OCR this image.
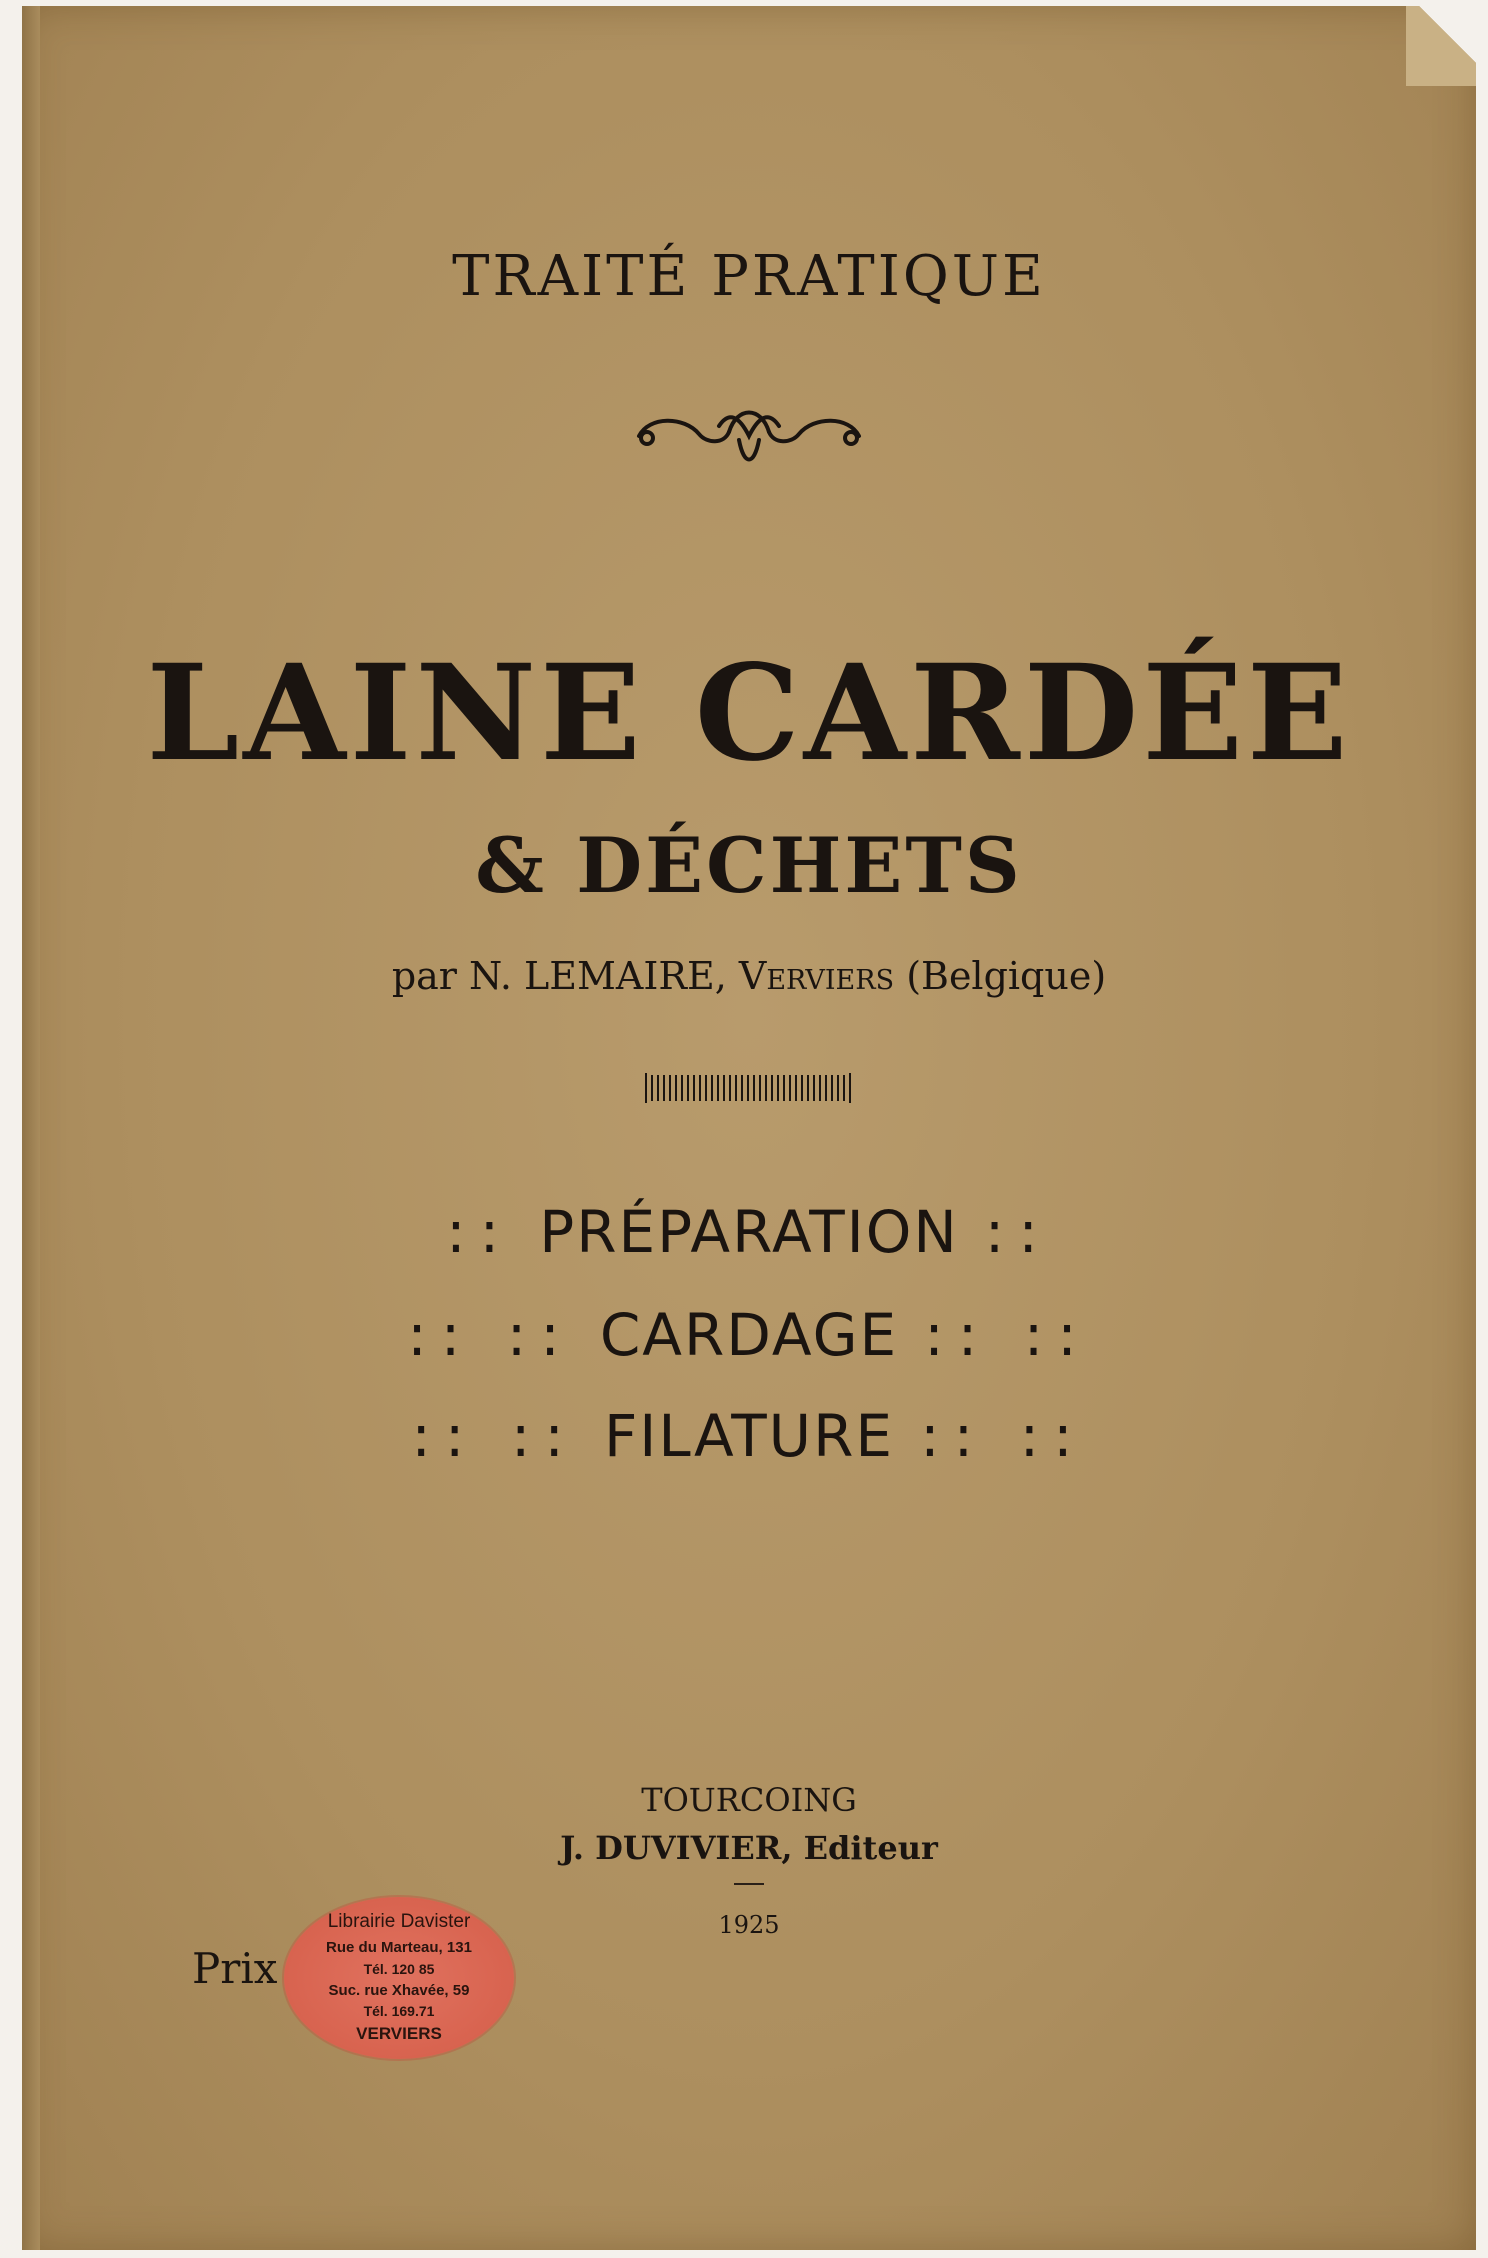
TRAITÉ PRATIQUE
LAINE CARDÉE
& DÉCHETS
par N. LEMAIRE, Verviers (Belgique)
:: PRÉPARATION ::
:: :: CARDAGE :: ::
:: :: FILATURE :: ::
TOURCOING
J. DUVIVIER, Editeur
1925
Prix
Librairie Davister
Rue du Marteau, 131
Tél. 120 85
Suc. rue Xhavée, 59
Tél. 169.71
VERVIERS
